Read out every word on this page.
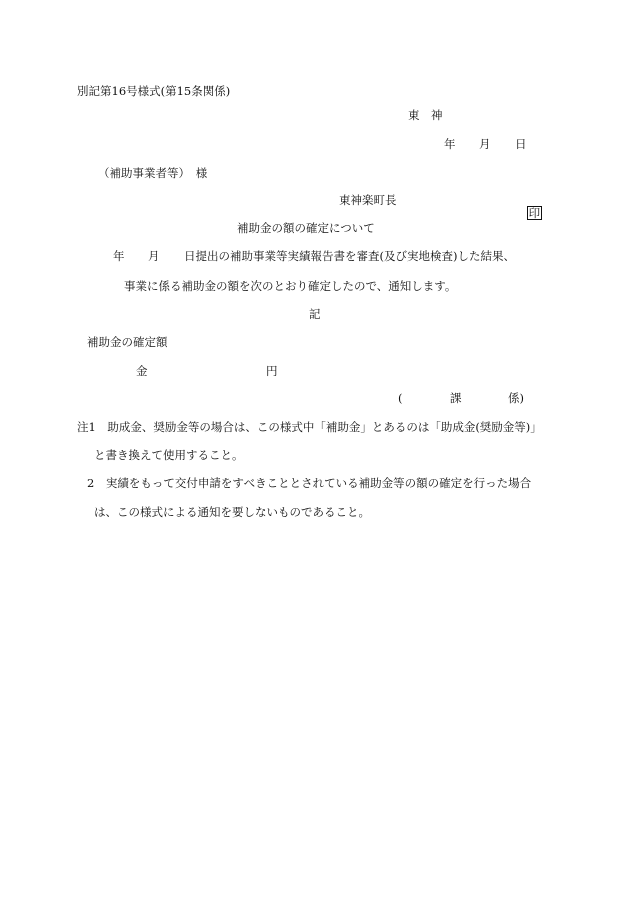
別記第16号様式(第15条関係)
東　神
年 月 日
（補助事業者等）　様
東神楽町長

印

補助金の額の確定について
年 月 日提出の補助事業等実績報告書を審査(及び実地検査)した結果、
事業に係る補助金の額を次のとおり確定したので、通知します。
記
補助金の確定額
金	円
(	課	係)
注1　助成金、奨励金等の場合は、この様式中「補助金」とあるのは「助成金(奨励金等)」
と書き換えて使用すること。
2　実績をもって交付申請をすべきこととされている補助金等の額の確定を行った場合
は、この様式による通知を要しないものであること。
